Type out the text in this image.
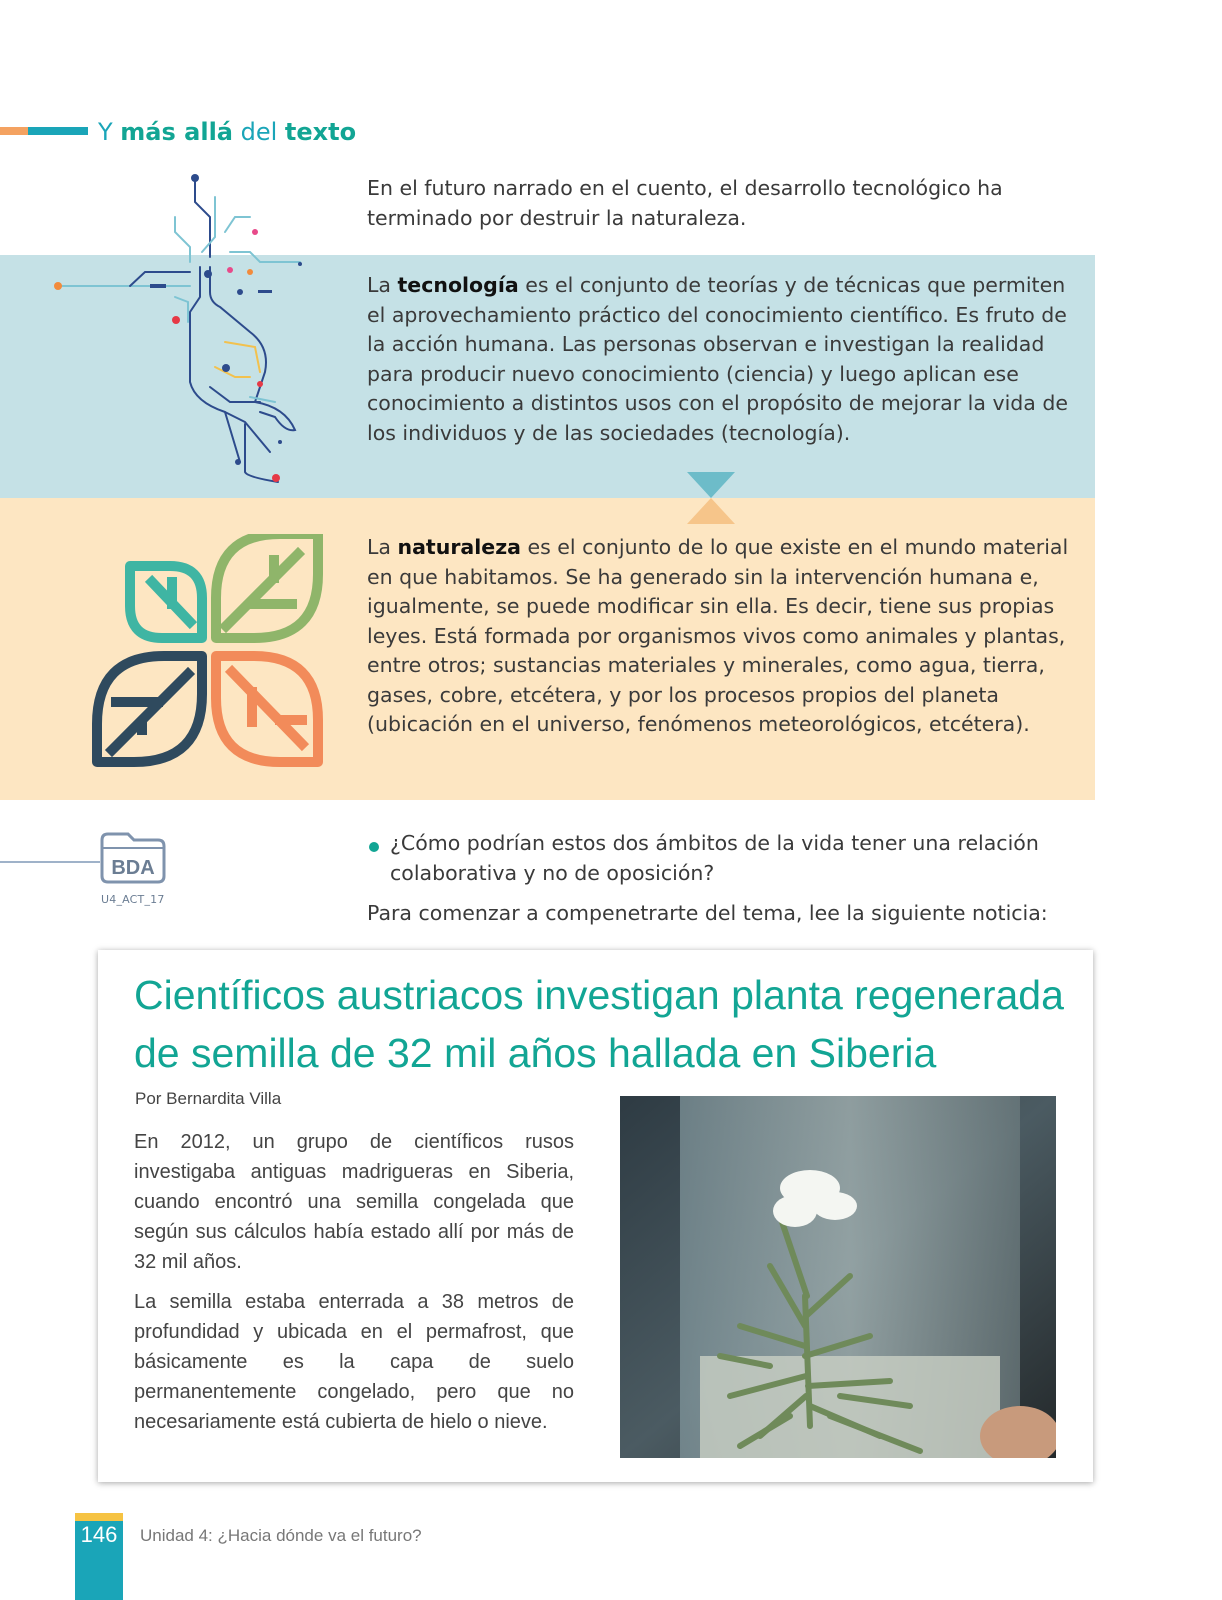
Y más allá del texto
En el futuro narrado en el cuento, el desarrollo tecnológico ha terminado por destruir la naturaleza.
La tecnología es el conjunto de teorías y de técnicas que permiten el aprovechamiento práctico del conocimiento científico. Es fruto de la acción humana. Las personas observan e investigan la realidad para producir nuevo conocimiento (ciencia) y luego aplican ese conocimiento a distintos usos con el propósito de mejorar la vida de los individuos y de las sociedades (tecnología).
La naturaleza es el conjunto de lo que existe en el mundo material en que habitamos. Se ha generado sin la intervención humana e, igualmente, se puede modificar sin ella. Es decir, tiene sus propias leyes. Está formada por organismos vivos como animales y plantas, entre otros; sustancias materiales y minerales, como agua, tierra, gases, cobre, etcétera, y por los procesos propios del planeta (ubicación en el universo, fenómenos meteorológicos, etcétera).
BDA
U4_ACT_17
¿Cómo podrían estos dos ámbitos de la vida tener una relación colaborativa y no de oposición?
Para comenzar a compenetrarte del tema, lee la siguiente noticia:
Científicos austriacos investigan planta regenerada de semilla de 32 mil años hallada en Siberia
Por Bernardita Villa
En 2012, un grupo de científicos rusos investigaba antiguas madrigueras en Siberia, cuando encontró una semilla congelada que según sus cálculos había estado allí por más de 32 mil años.
La semilla estaba enterrada a 38 metros de profundidad y ubicada en el permafrost, que básicamente es la capa de suelo permanentemente congelado, pero que no necesariamente está cubierta de hielo o nieve.
146	Unidad 4: ¿Hacia dónde va el futuro?
